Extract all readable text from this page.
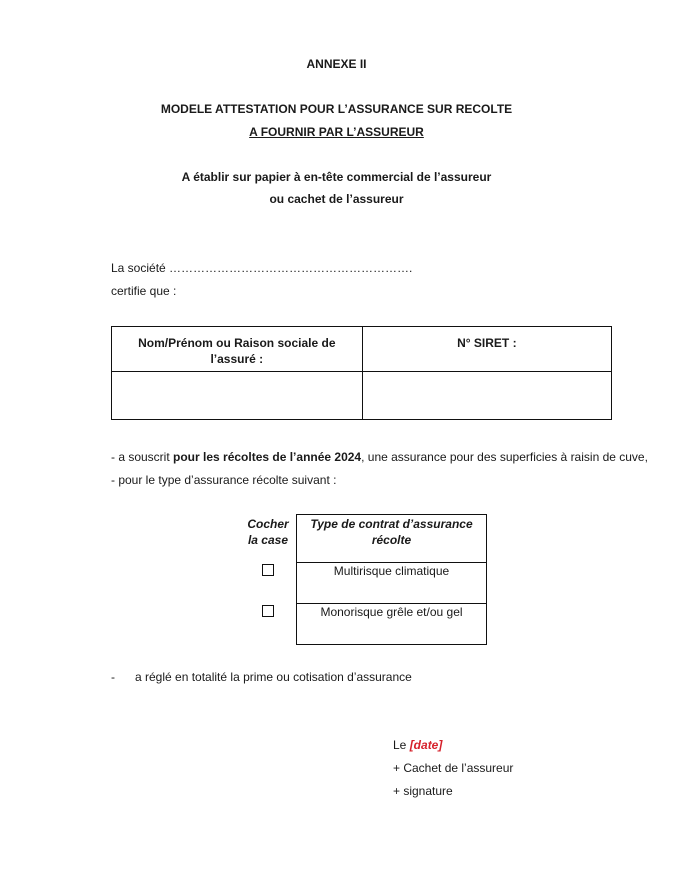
ANNEXE II
MODELE ATTESTATION POUR L’ASSURANCE SUR RECOLTE
A FOURNIR PAR L’ASSUREUR
A établir sur papier à en-tête commercial de l’assureur
ou cachet de l’assureur
La société …………………………………………………….
certifie que :
Nom/Prénom ou Raison sociale de l’assuré :	N° SIRET :

- a souscrit pour les récoltes de l’année 2024, une assurance pour des superficies à raisin de cuve,
- pour le type d’assurance récolte suivant :
Cocher la case	Type de contrat d’assurance récolte
	Multirisque climatique
	Monorisque grêle et/ou gel
- a réglé en totalité la prime ou cotisation d’assurance
Le [date]
+ Cachet de l’assureur
+ signature
